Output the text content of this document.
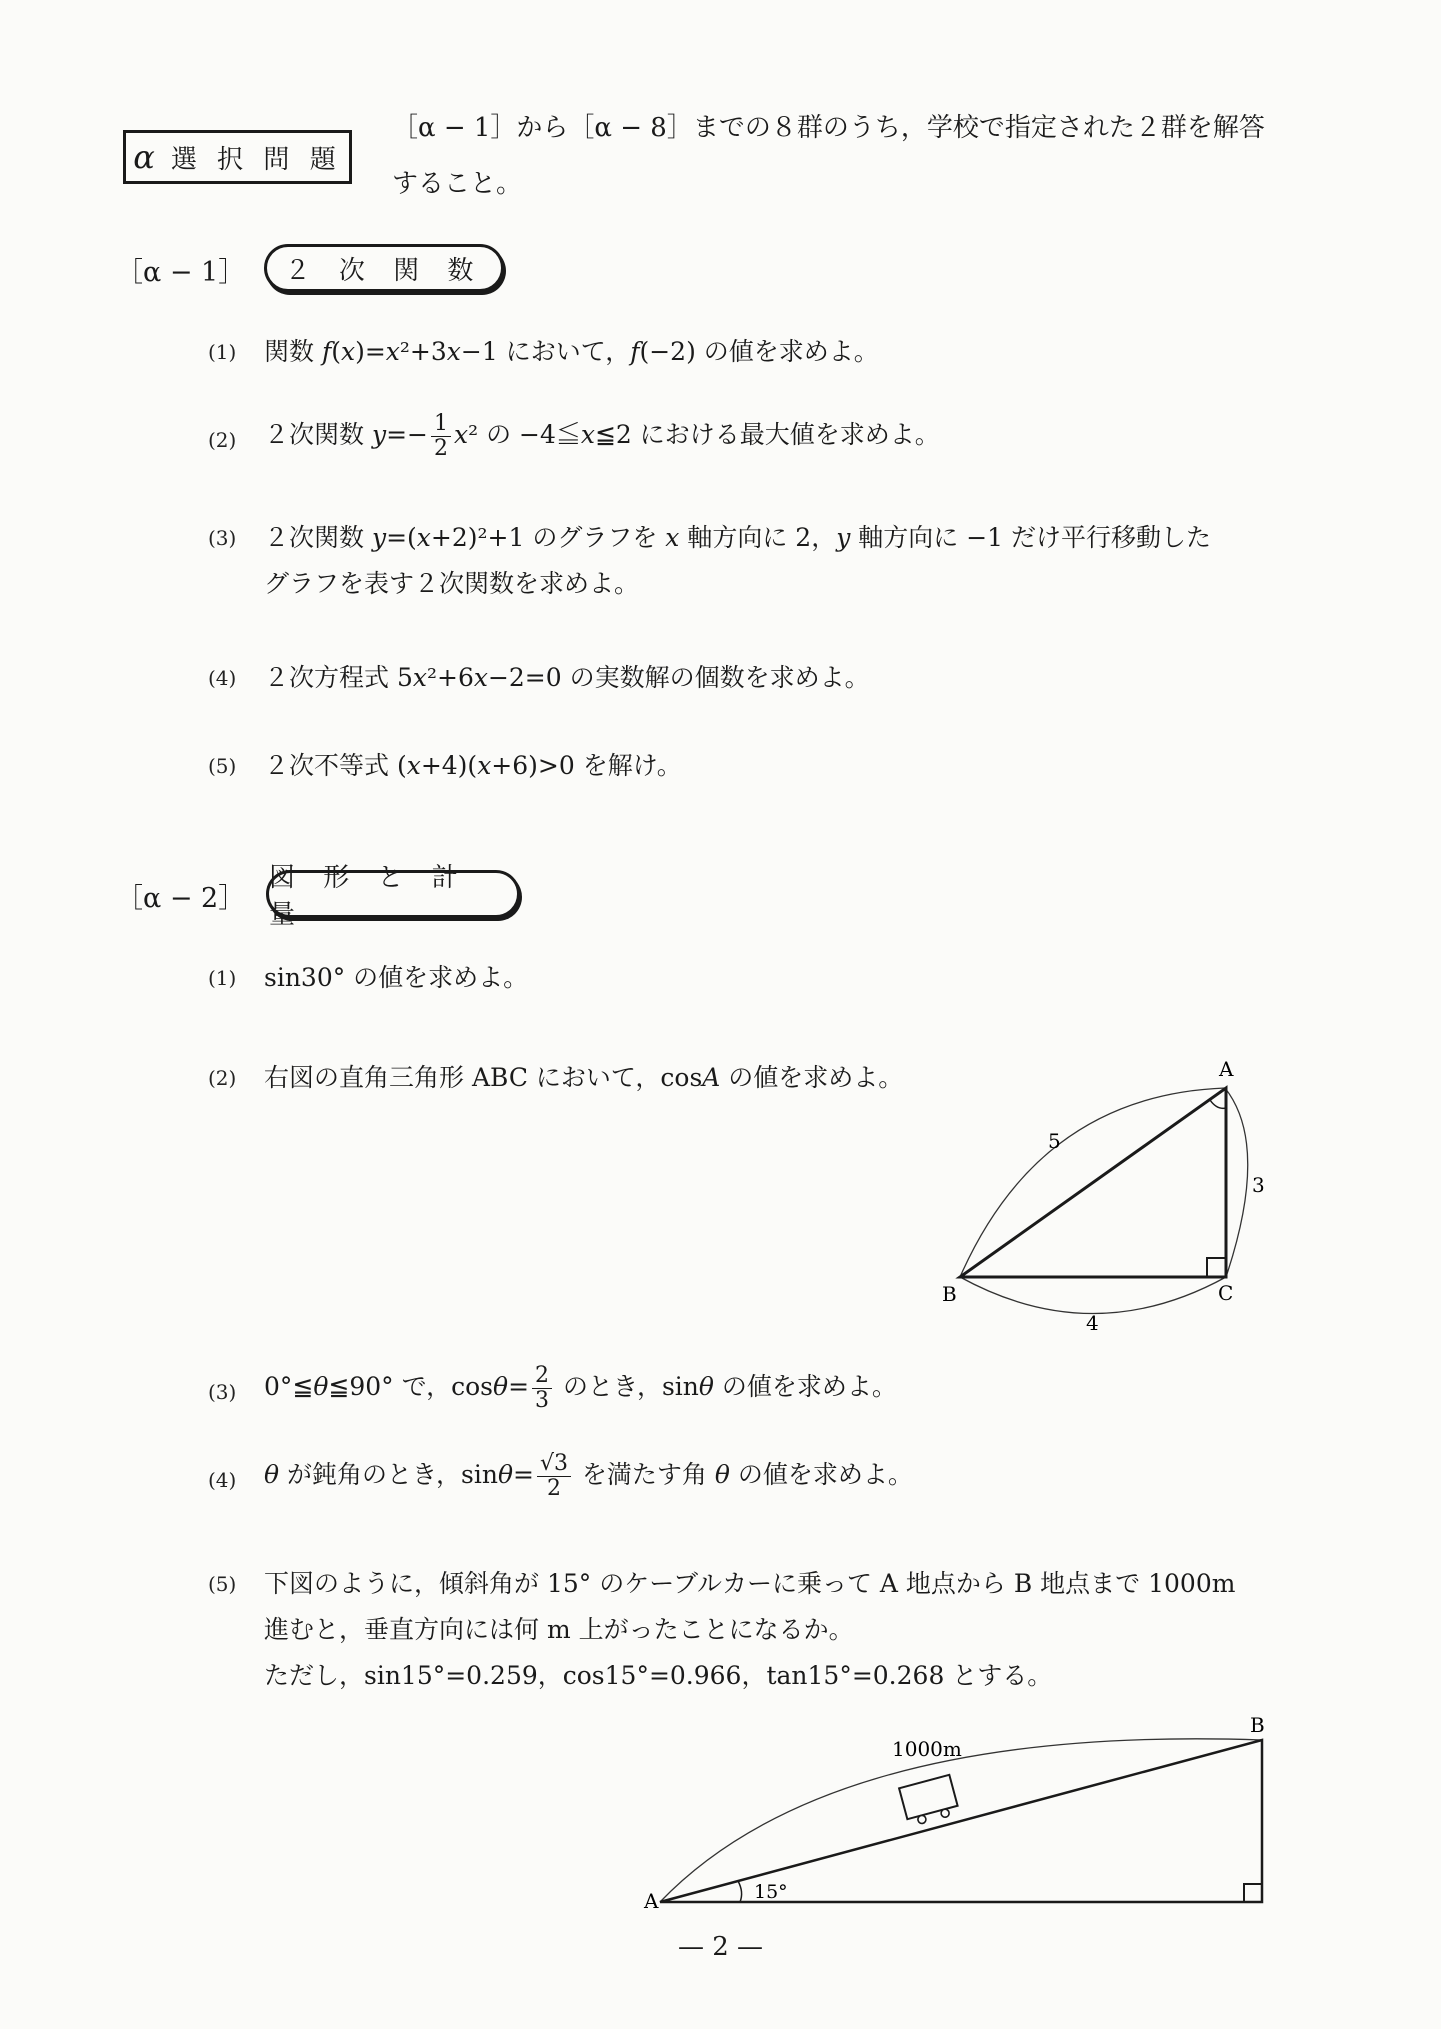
α 選 択 問 題
［α − 1］から［α − 8］までの８群のうち，学校で指定された２群を解答
すること。
［α − 1］	２ 次 関 数
(1) 関数 f(x)=x²+3x−1 において，f(−2) の値を求めよ。
(2) ２次関数 $y=- \frac{1}{2} x^2$ の −4≦x≦2 における最大値を求めよ。
(3) ２次関数 y=(x+2)²+1 のグラフを x 軸方向に 2，y 軸方向に −1 だけ平行移動した
グラフを表す２次関数を求めよ。
(4) ２次方程式 5x²+6x−2=0 の実数解の個数を求めよ。
(5) ２次不等式 (x+4)(x+6)>0 を解け。
［α − 2］
図 形 と 計 量
(1) sin30° の値を求めよ。
(2) 右図の直角三角形 ABC において，cosA の値を求めよ。	A
B	C
5
3
4
(3) 0°≦θ≦90° で，$\cos\theta= \frac{2}{3}$ のとき，sinθ の値を求めよ。
(4) θ が鈍角のとき，$\sin\theta= \frac{√3}{2}$ を満たす角 θ の値を求めよ。
(5) 下図のように，傾斜角が 15° のケーブルカーに乗って A 地点から B 地点まで 1000m
進むと，垂直方向には何 m 上がったことになるか。
ただし，sin15°=0.259，cos15°=0.966，tan15°=0.268 とする。
A
B
1000m
15°
— 2 —
